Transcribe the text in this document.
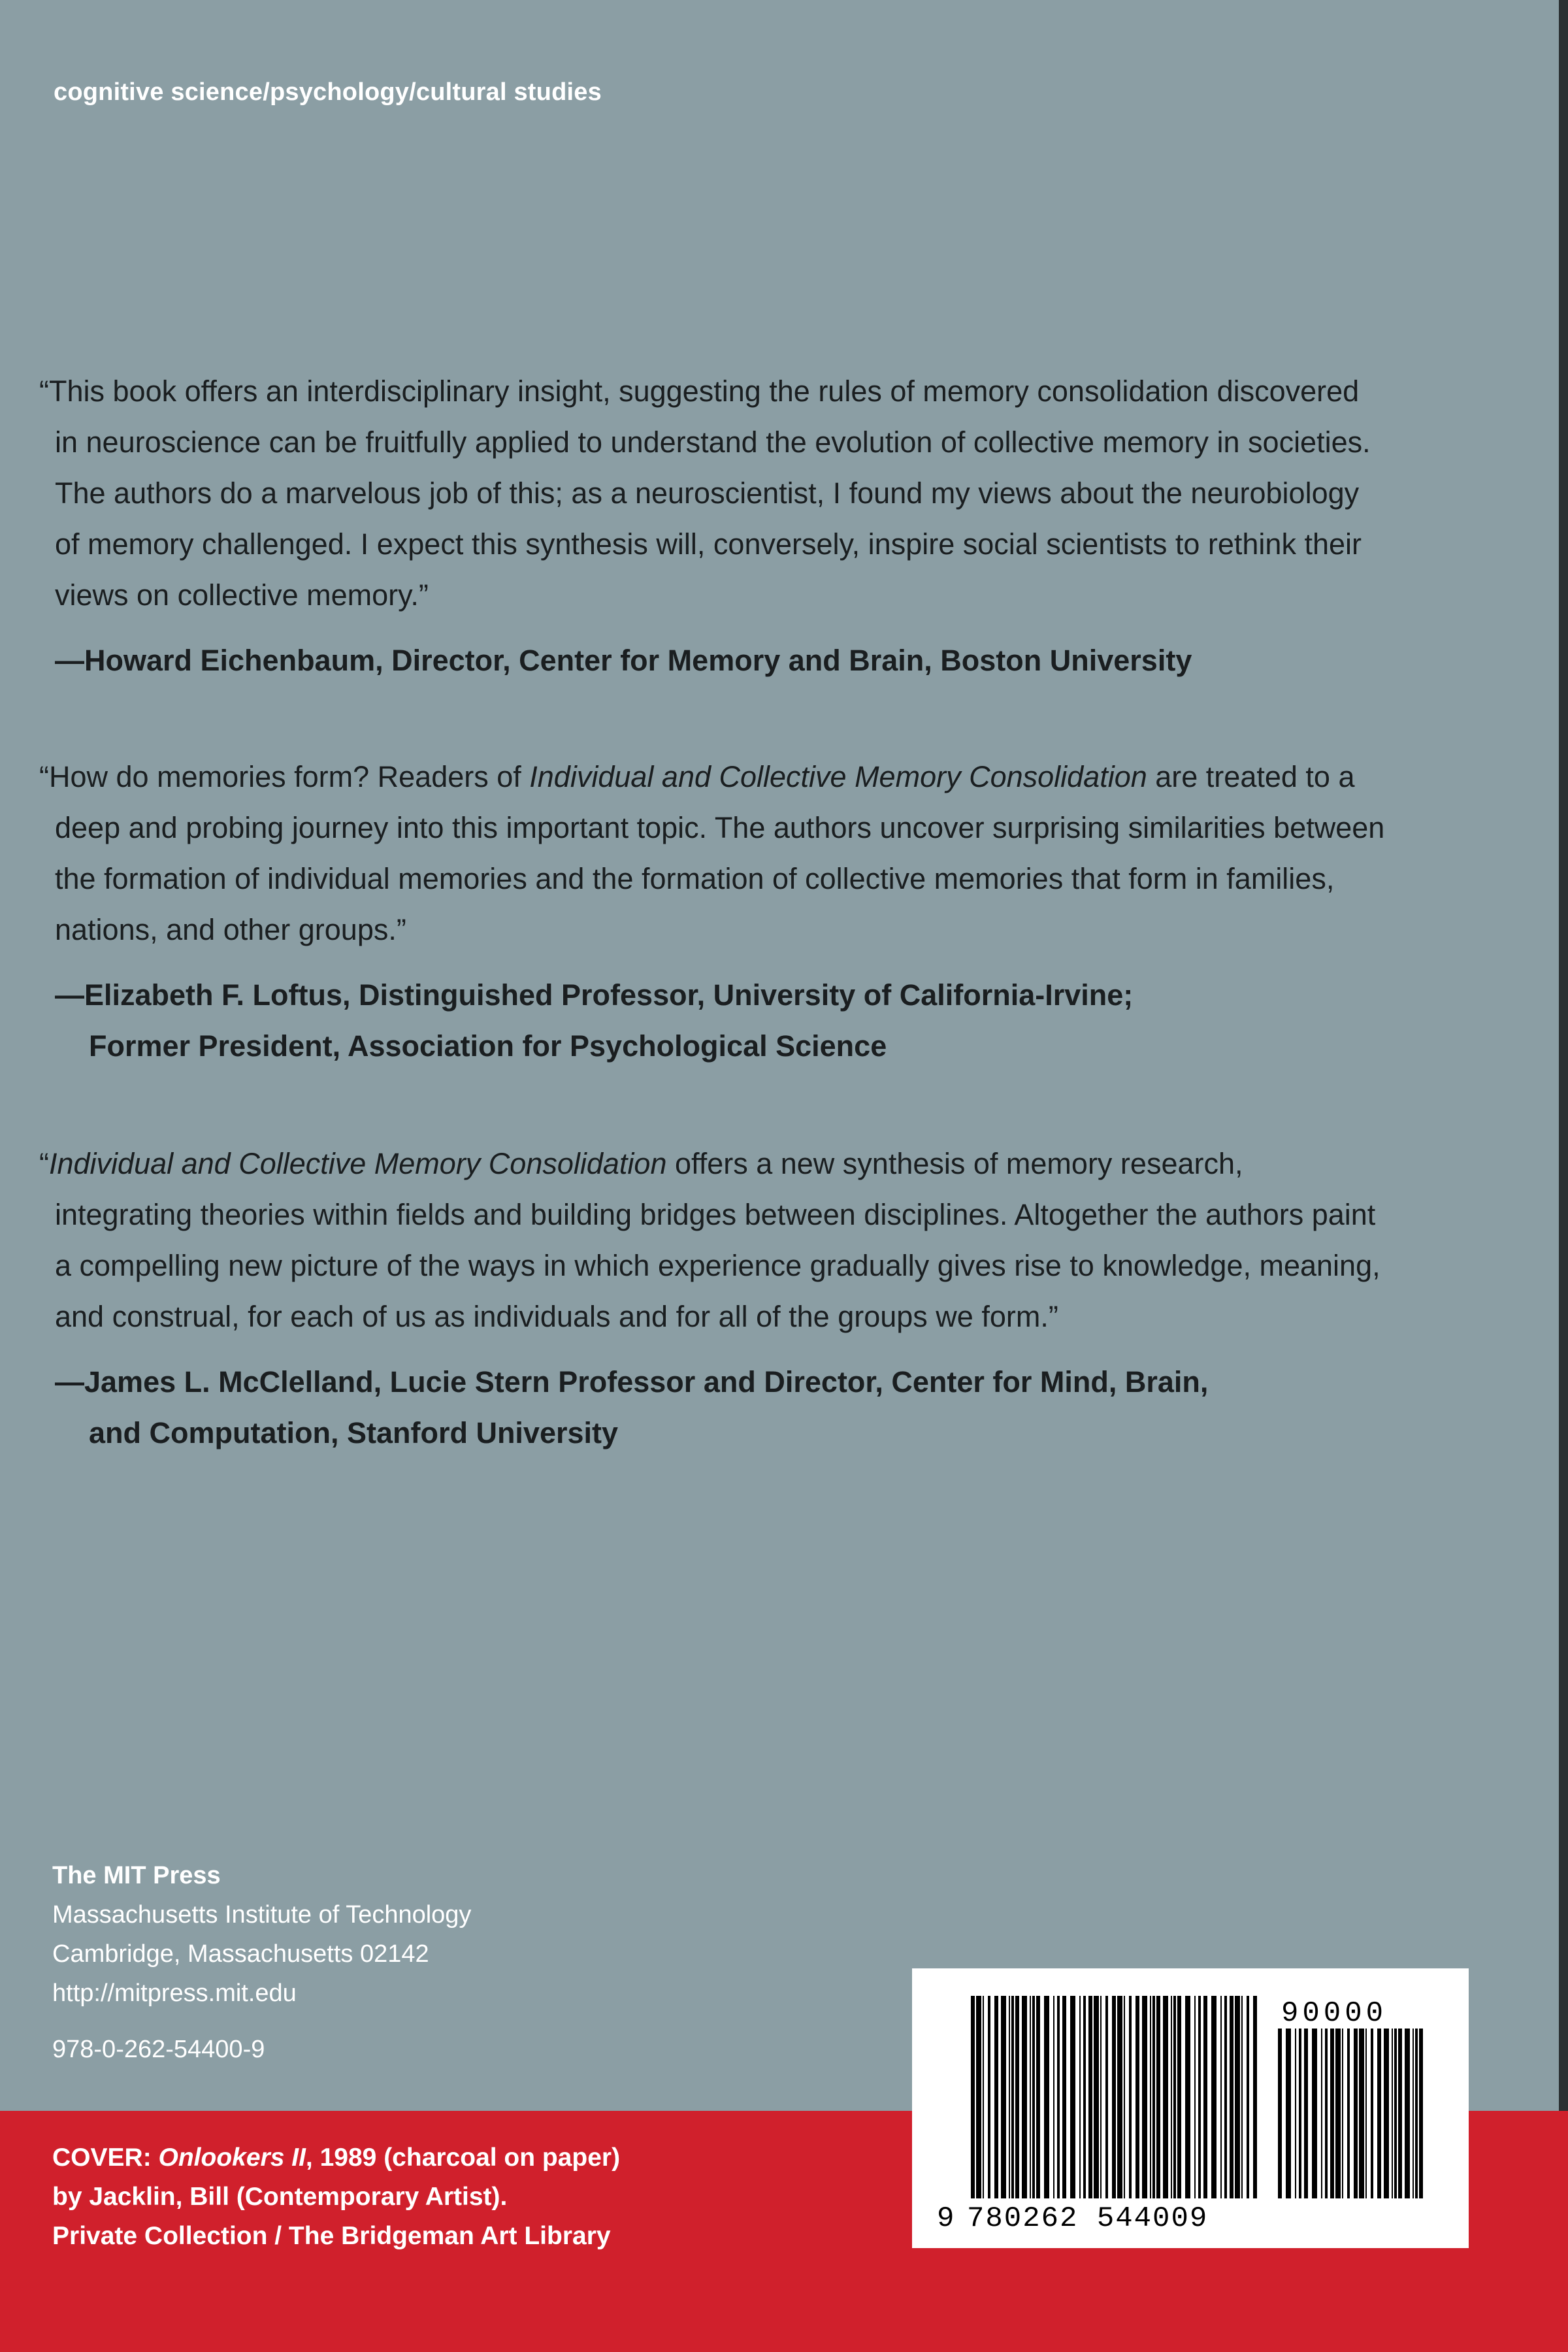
cognitive science/psychology/cultural studies

“This book offers an interdisciplinary insight, suggesting the rules of memory consolidation discovered in neuroscience can be fruitfully applied to understand the evolution of collective memory in societies. The authors do a marvelous job of this; as a neuroscientist, I found my views about the neurobiology of memory challenged. I expect this synthesis will, conversely, inspire social scientists to rethink their views on collective memory.”

—Howard Eichenbaum, Director, Center for Memory and Brain, Boston University

“How do memories form? Readers of Individual and Collective Memory Consolidation are treated to a deep and probing journey into this important topic. The authors uncover surprising similarities between the formation of individual memories and the formation of collective memories that form in families, nations, and other groups.”

—Elizabeth F. Loftus, Distinguished Professor, University of California-Irvine;
Former President, Association for Psychological Science

“Individual and Collective Memory Consolidation offers a new synthesis of memory research, integrating theories within fields and building bridges between disciplines. Altogether the authors paint a compelling new picture of the ways in which experience gradually gives rise to knowledge, meaning, and construal, for each of us as individuals and for all of the groups we form.”

—James L. McClelland, Lucie Stern Professor and Director, Center for Mind, Brain,
and Computation, Stanford University
The MIT Press
Massachusetts Institute of Technology
Cambridge, Massachusetts 02142
http://mitpress.mit.edu
978-0-262-54400-9
COVER: Onlookers II, 1989 (charcoal on paper)
by Jacklin, Bill (Contemporary Artist).
Private Collection / The Bridgeman Art Library
9 780262 544009
90000
